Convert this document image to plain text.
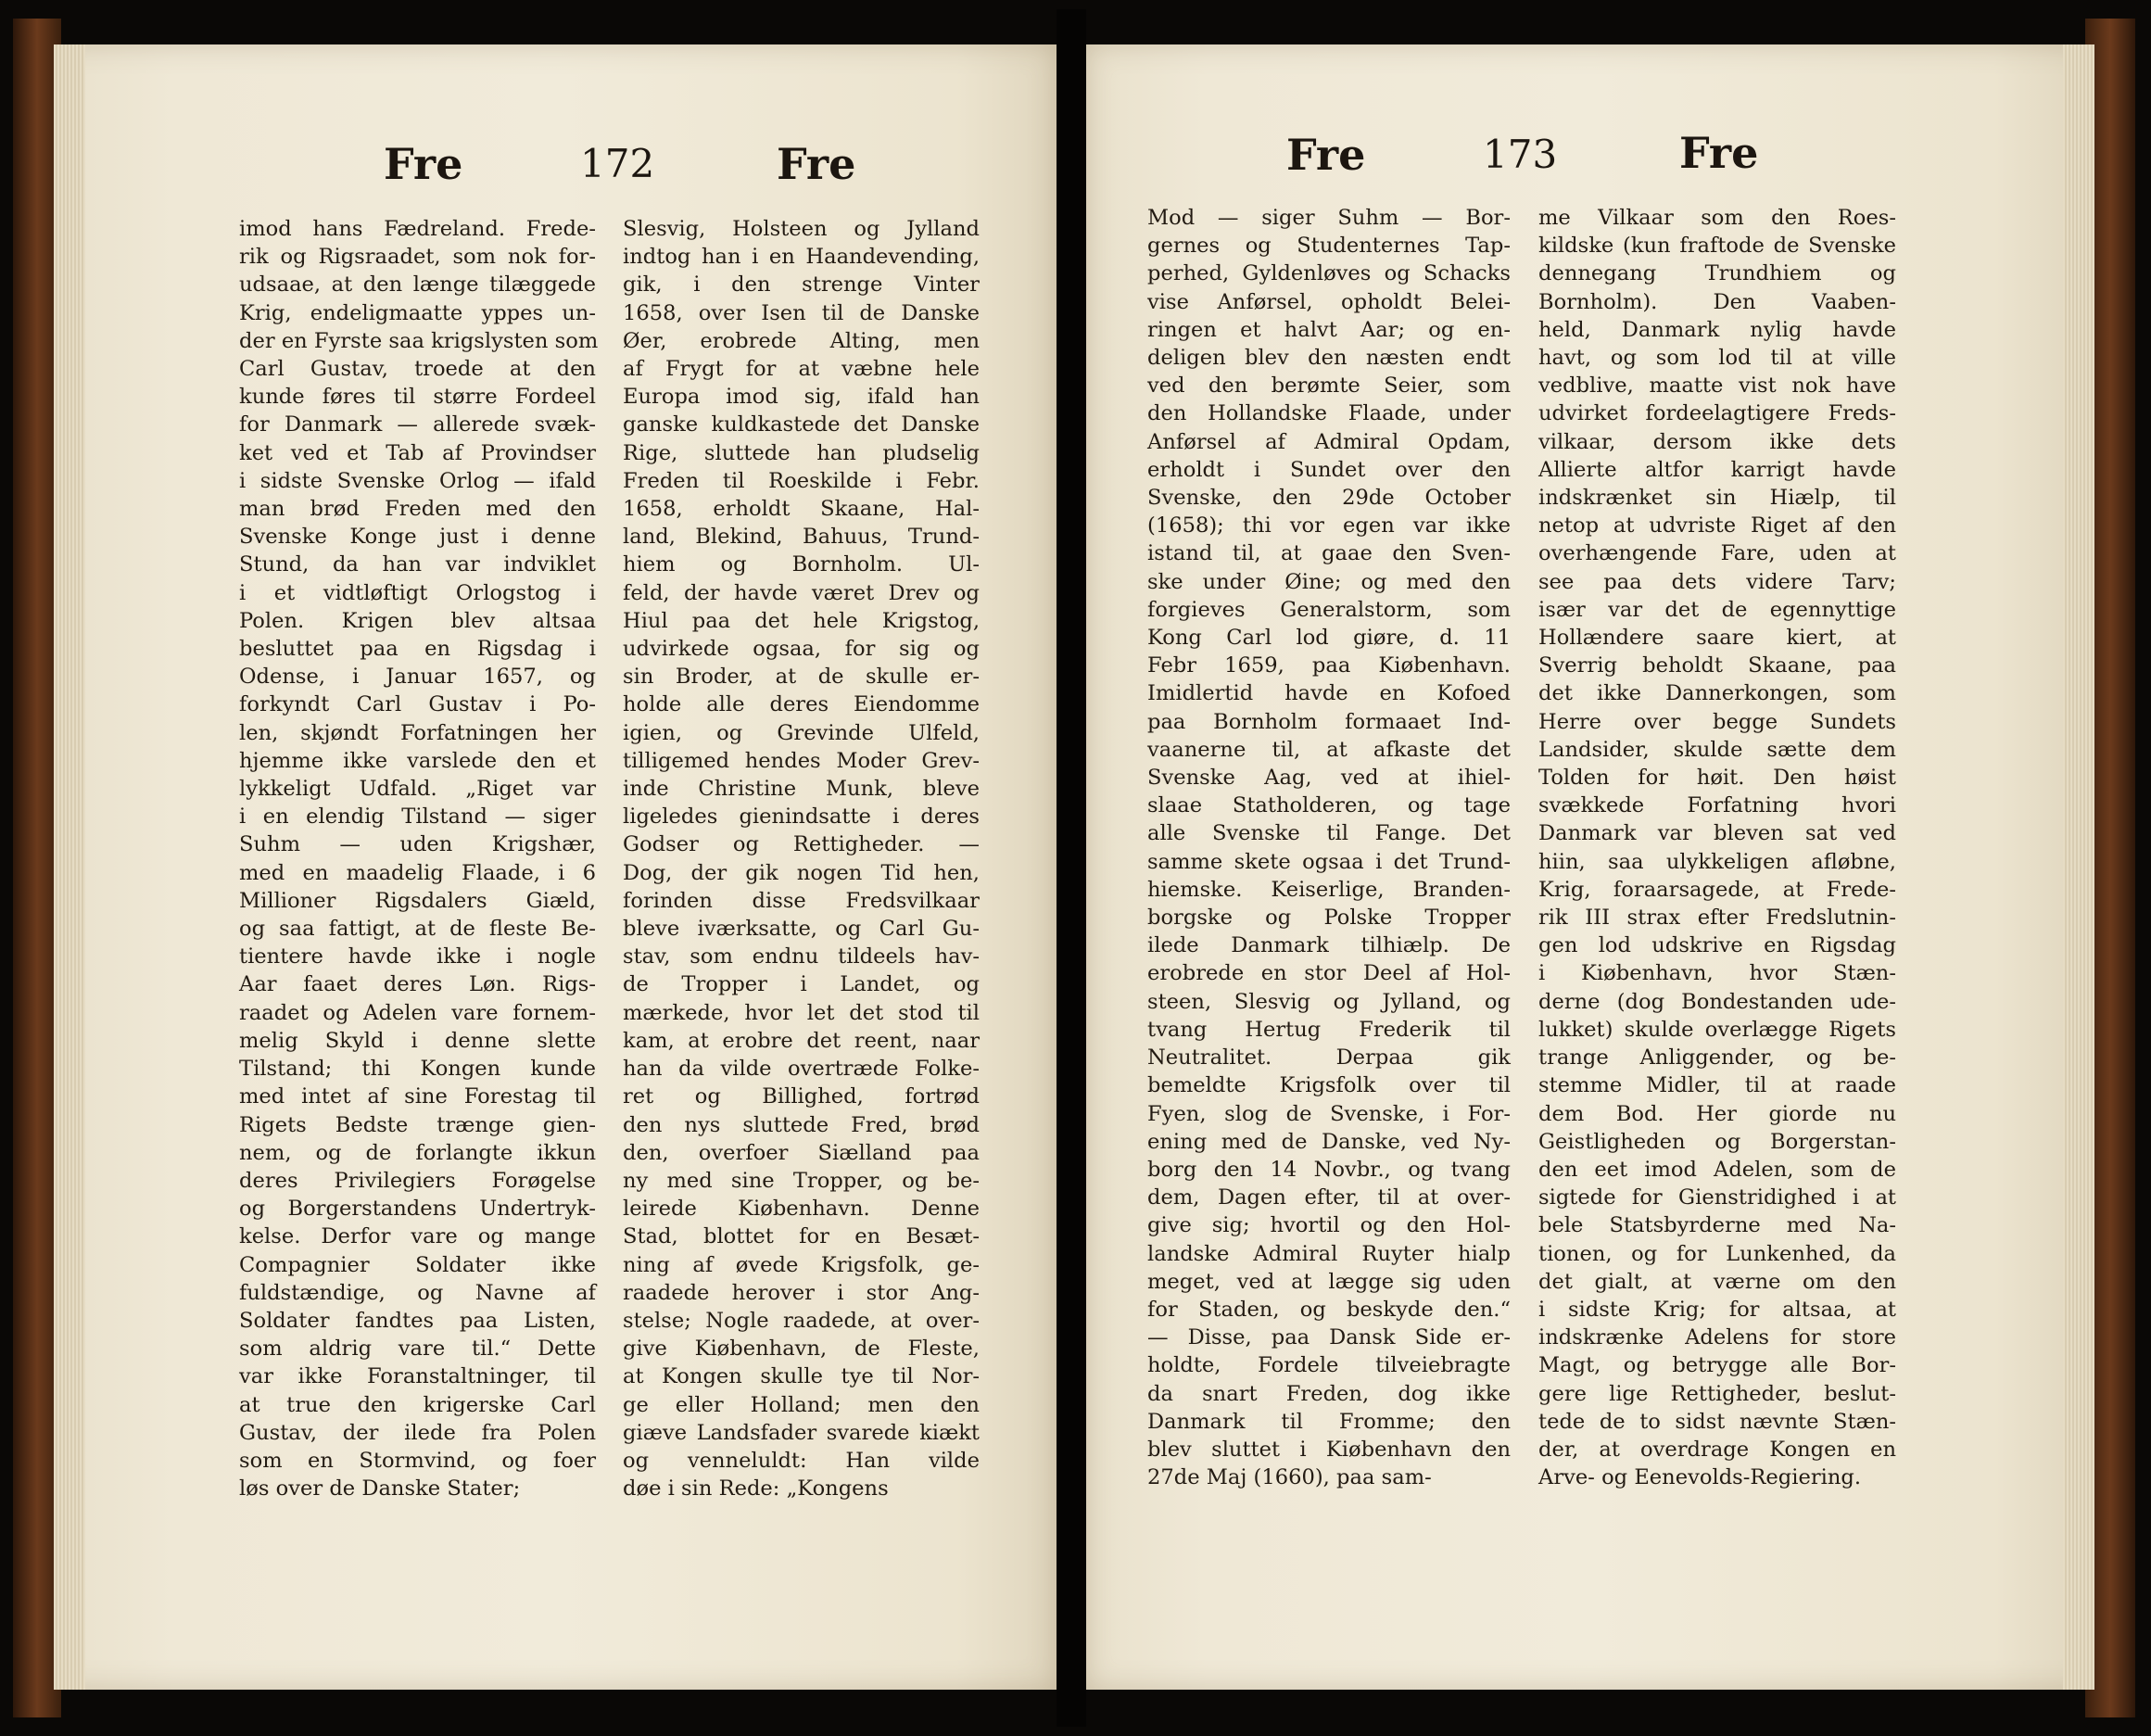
Fre	172	Fre	Fre	173	Fre
imod hans Fædreland. Frede-
rik og Rigsraadet, som nok for-
udsaae, at den længe tilæggede
Krig, endeligmaatte yppes un-
der en Fyrste saa krigslysten som
Carl Gustav, troede at den
kunde føres til større Fordeel
for Danmark — allerede svæk-
ket ved et Tab af Provindser
i sidste Svenske Orlog — ifald
man brød Freden med den
Svenske Konge just i denne
Stund, da han var indviklet
i et vidtløftigt Orlogstog i
Polen. Krigen blev altsaa
besluttet paa en Rigsdag i
Odense, i Januar 1657, og
forkyndt Carl Gustav i Po-
len, skjøndt Forfatningen her
hjemme ikke varslede den et
lykkeligt Udfald. „Riget var
i en elendig Tilstand — siger
Suhm — uden Krigshær,
med en maadelig Flaade, i 6
Millioner Rigsdalers Giæld,
og saa fattigt, at de fleste Be-
tientere havde ikke i nogle
Aar faaet deres Løn. Rigs-
raadet og Adelen vare fornem-
melig Skyld i denne slette
Tilstand; thi Kongen kunde
med intet af sine Forestag til
Rigets Bedste trænge gien-
nem, og de forlangte ikkun
deres Privilegiers Forøgelse
og Borgerstandens Undertryk-
kelse. Derfor vare og mange
Compagnier Soldater ikke
fuldstændige, og Navne af
Soldater fandtes paa Listen,
som aldrig vare til.“ Dette
var ikke Foranstaltninger, til
at true den krigerske Carl
Gustav, der ilede fra Polen
som en Stormvind, og foer
løs over de Danske Stater;
Slesvig, Holsteen og Jylland
indtog han i en Haandevending,
gik, i den strenge Vinter
1658, over Isen til de Danske
Øer, erobrede Alting, men
af Frygt for at væbne hele
Europa imod sig, ifald han
ganske kuldkastede det Danske
Rige, sluttede han pludselig
Freden til Roeskilde i Febr.
1658, erholdt Skaane, Hal-
land, Blekind, Bahuus, Trund-
hiem og Bornholm. Ul-
feld, der havde været Drev og
Hiul paa det hele Krigstog,
udvirkede ogsaa, for sig og
sin Broder, at de skulle er-
holde alle deres Eiendomme
igien, og Grevinde Ulfeld,
tilligemed hendes Moder Grev-
inde Christine Munk, bleve
ligeledes gienindsatte i deres
Godser og Rettigheder. —
Dog, der gik nogen Tid hen,
forinden disse Fredsvilkaar
bleve iværksatte, og Carl Gu-
stav, som endnu tildeels hav-
de Tropper i Landet, og
mærkede, hvor let det stod til
kam, at erobre det reent, naar
han da vilde overtræde Folke-
ret og Billighed, fortrød
den nys sluttede Fred, brød
den, overfoer Siælland paa
ny med sine Tropper, og be-
leirede Kiøbenhavn. Denne
Stad, blottet for en Besæt-
ning af øvede Krigsfolk, ge-
raadede herover i stor Ang-
stelse; Nogle raadede, at over-
give Kiøbenhavn, de Fleste,
at Kongen skulle tye til Nor-
ge eller Holland; men den
giæve Landsfader svarede kiækt
og venneluldt: Han vilde
døe i sin Rede: „Kongens
Mod — siger Suhm — Bor-
gernes og Studenternes Tap-
perhed, Gyldenløves og Schacks
vise Anførsel, opholdt Belei-
ringen et halvt Aar; og en-
deligen blev den næsten endt
ved den berømte Seier, som
den Hollandske Flaade, under
Anførsel af Admiral Opdam,
erholdt i Sundet over den
Svenske, den 29de October
(1658); thi vor egen var ikke
istand til, at gaae den Sven-
ske under Øine; og med den
forgieves Generalstorm, som
Kong Carl lod giøre, d. 11
Febr 1659, paa Kiøbenhavn.
Imidlertid havde en Kofoed
paa Bornholm formaaet Ind-
vaanerne til, at afkaste det
Svenske Aag, ved at ihiel-
slaae Statholderen, og tage
alle Svenske til Fange. Det
samme skete ogsaa i det Trund-
hiemske. Keiserlige, Branden-
borgske og Polske Tropper
ilede Danmark tilhiælp. De
erobrede en stor Deel af Hol-
steen, Slesvig og Jylland, og
tvang Hertug Frederik til
Neutralitet. Derpaa gik
bemeldte Krigsfolk over til
Fyen, slog de Svenske, i For-
ening med de Danske, ved Ny-
borg den 14 Novbr., og tvang
dem, Dagen efter, til at over-
give sig; hvortil og den Hol-
landske Admiral Ruyter hialp
meget, ved at lægge sig uden
for Staden, og beskyde den.“
— Disse, paa Dansk Side er-
holdte, Fordele tilveiebragte
da snart Freden, dog ikke
Danmark til Fromme; den
blev sluttet i Kiøbenhavn den
27de Maj (1660), paa sam-
me Vilkaar som den Roes-
kildske (kun fraftode de Svenske
dennegang Trundhiem og
Bornholm). Den Vaaben-
held, Danmark nylig havde
havt, og som lod til at ville
vedblive, maatte vist nok have
udvirket fordeelagtigere Freds-
vilkaar, dersom ikke dets
Allierte altfor karrigt havde
indskrænket sin Hiælp, til
netop at udvriste Riget af den
overhængende Fare, uden at
see paa dets videre Tarv;
især var det de egennyttige
Hollændere saare kiert, at
Sverrig beholdt Skaane, paa
det ikke Dannerkongen, som
Herre over begge Sundets
Landsider, skulde sætte dem
Tolden for høit. Den høist
svækkede Forfatning hvori
Danmark var bleven sat ved
hiin, saa ulykkeligen afløbne,
Krig, foraarsagede, at Frede-
rik III strax efter Fredslutnin-
gen lod udskrive en Rigsdag
i Kiøbenhavn, hvor Stæn-
derne (dog Bondestanden ude-
lukket) skulde overlægge Rigets
trange Anliggender, og be-
stemme Midler, til at raade
dem Bod. Her giorde nu
Geistligheden og Borgerstan-
den eet imod Adelen, som de
sigtede for Gienstridighed i at
bele Statsbyrderne med Na-
tionen, og for Lunkenhed, da
det gialt, at værne om den
i sidste Krig; for altsaa, at
indskrænke Adelens for store
Magt, og betrygge alle Bor-
gere lige Rettigheder, beslut-
tede de to sidst nævnte Stæn-
der, at overdrage Kongen en
Arve- og Eenevolds-Regiering.
